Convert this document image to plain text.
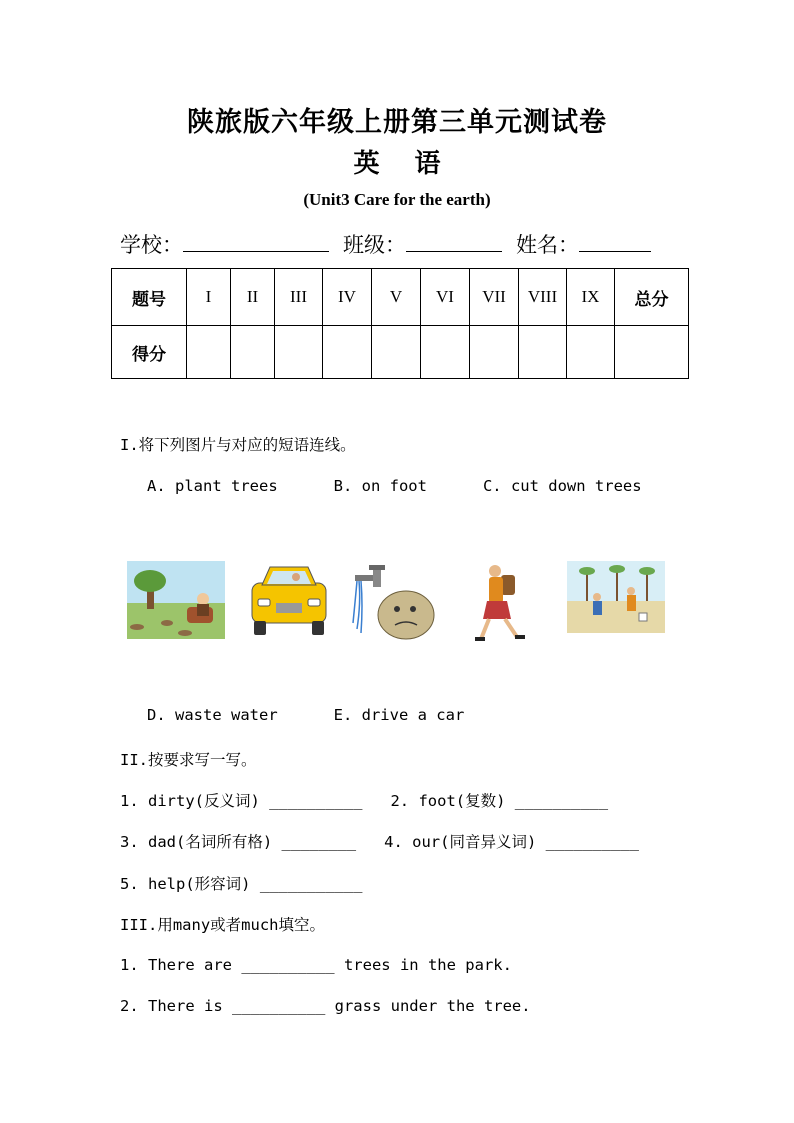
陕旅版六年级上册第三单元测试卷
英　 语
(Unit3 Care for the earth)
学校：	班级：	姓名：
题号	I	II	III	IV	V	VI	VII	VIII	IX	总分
得分										
I.将下列图片与对应的短语连线。
A. plant trees      B. on foot      C. cut down trees
D. waste water      E. drive a car
II.按要求写一写。
1. dirty(反义词) __________   2. foot(复数) __________
3. dad(名词所有格) ________   4. our(同音异义词) __________
5. help(形容词) ___________
III.用many或者much填空。
1. There are __________ trees in the park.
2. There is __________ grass under the tree.
